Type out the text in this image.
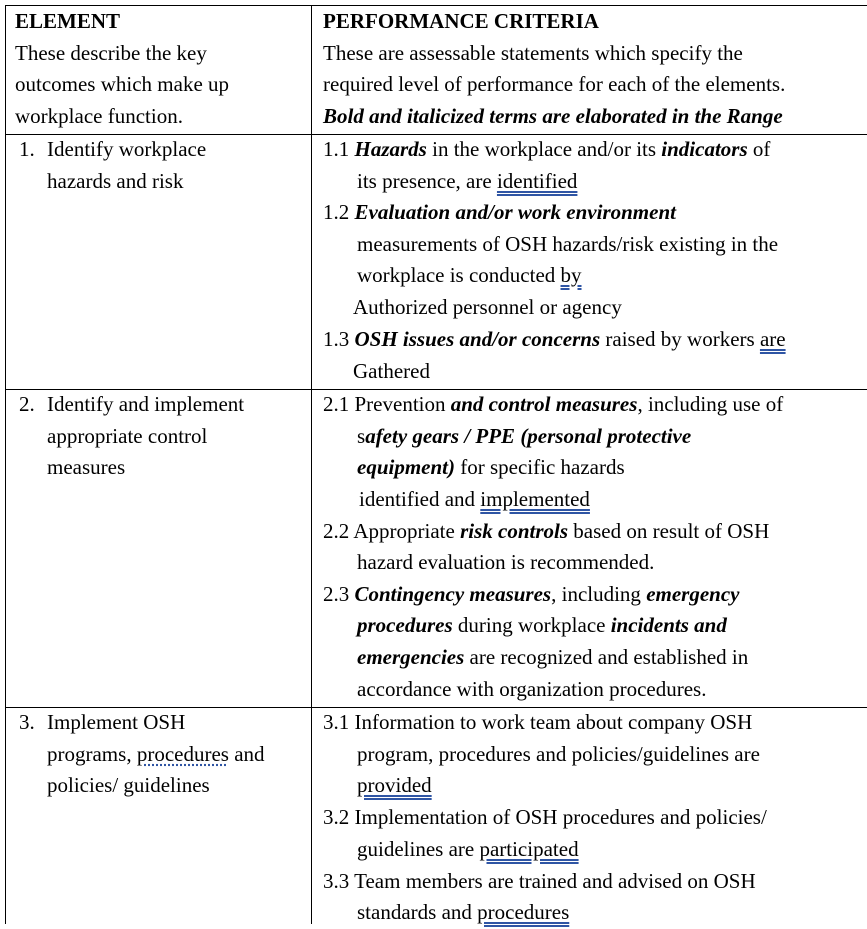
ELEMENT
These describe the key
outcomes which make up
workplace function.
PERFORMANCE CRITERIA
These are assessable statements which specify the
required level of performance for each of the elements.
Bold and italicized terms are elaborated in the Range
1. Identify workplace
hazards and risk
1.1 Hazards in the workplace and/or its indicators of
its presence, are identified
1.2 Evaluation and/or work environment
measurements of OSH hazards/risk existing in the
workplace is conducted by
Authorized personnel or agency
1.3 OSH issues and/or concerns raised by workers are
Gathered
2. Identify and implement
appropriate control
measures
2.1 Prevention and control measures, including use of
safety gears / PPE (personal protective
equipment) for specific hazards
identified and implemented
2.2 Appropriate risk controls based on result of OSH
hazard evaluation is recommended.
2.3 Contingency measures, including emergency
procedures during workplace incidents and
emergencies are recognized and established in
accordance with organization procedures.
3. Implement OSH
programs, procedures and
policies/ guidelines
3.1 Information to work team about company OSH
program, procedures and policies/guidelines are
provided
3.2 Implementation of OSH procedures and policies/
guidelines are participated
3.3 Team members are trained and advised on OSH
standards and procedures
